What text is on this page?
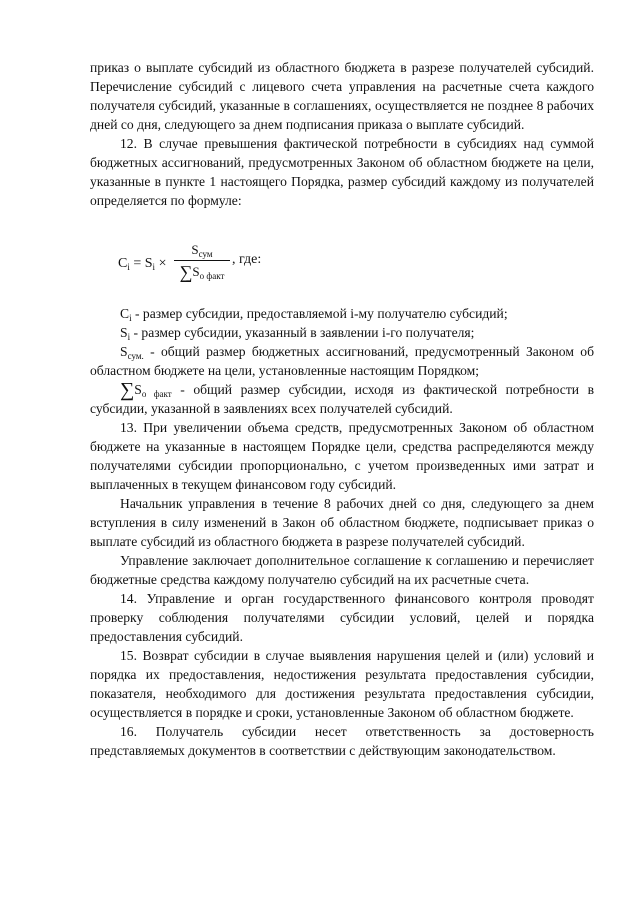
приказ о выплате субсидий из областного бюджета в разрезе получателей субсидий. Перечисление субсидий с лицевого счета управления на расчетные счета каждого получателя субсидий, указанные в соглашениях, осуществляется не позднее 8 рабочих дней со дня, следующего за днем подписания приказа о выплате субсидий.

12. В случае превышения фактической потребности в субсидиях над суммой бюджетных ассигнований, предусмотренных Законом об областном бюджете на цели, указанные в пункте 1 настоящего Порядка, размер субсидий каждому из получателей определяется по формуле:

$C_i = S_i$ ×
$S_{сум}$
$\sum S_{о факт}$
, где:

$C_i$ - размер субсидии, предоставляемой i-му получателю субсидий;

$S_i$ - размер субсидии, указанный в заявлении i-го получателя;

$S_{сум.}$ - общий размер бюджетных ассигнований, предусмотренный Законом об областном бюджете на цели, установленные настоящим Порядком;

$\sum S_{о факт}$ - общий размер субсидии, исходя из фактической потребности в субсидии, указанной в заявлениях всех получателей субсидий.

13. При увеличении объема средств, предусмотренных Законом об областном бюджете на указанные в настоящем Порядке цели, средства распределяются между получателями субсидии пропорционально, с учетом произведенных ими затрат и выплаченных в текущем финансовом году субсидий.

Начальник управления в течение 8 рабочих дней со дня, следующего за днем вступления в силу изменений в Закон об областном бюджете, подписывает приказ о выплате субсидий из областного бюджета в разрезе получателей субсидий.

Управление заключает дополнительное соглашение к соглашению и перечисляет бюджетные средства каждому получателю субсидий на их расчетные счета.

14. Управление и орган государственного финансового контроля проводят проверку соблюдения получателями субсидии условий, целей и порядка предоставления субсидий.

15. Возврат субсидии в случае выявления нарушения целей и (или) условий и порядка их предоставления, недостижения результата предоставления субсидии, показателя, необходимого для достижения результата предоставления субсидии, осуществляется в порядке и сроки, установленные Законом об областном бюджете.

16. Получатель субсидии несет ответственность за достоверность представляемых документов в соответствии с действующим законодательством.
